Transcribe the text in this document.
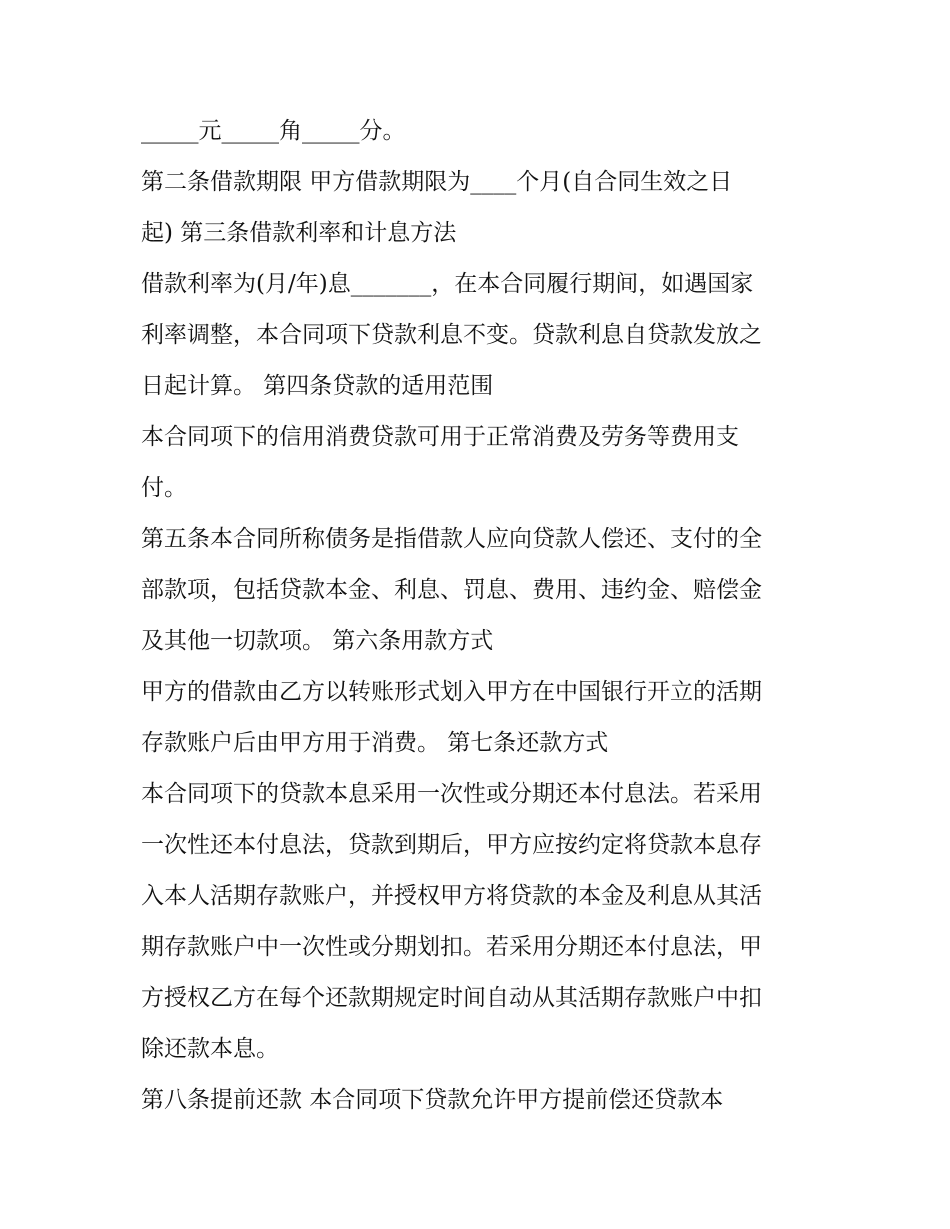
_____元_____角_____分。
第二条借款期限 甲方借款期限为____个月(自合同生效之日
起) 第三条借款利率和计息方法
借款利率为(月/年)息_______，在本合同履行期间，如遇国家
利率调整，本合同项下贷款利息不变。贷款利息自贷款发放之
日起计算。 第四条贷款的适用范围
本合同项下的信用消费贷款可用于正常消费及劳务等费用支
付。
第五条本合同所称债务是指借款人应向贷款人偿还、支付的全
部款项，包括贷款本金、利息、罚息、费用、违约金、赔偿金
及其他一切款项。 第六条用款方式
甲方的借款由乙方以转账形式划入甲方在中国银行开立的活期
存款账户后由甲方用于消费。 第七条还款方式
本合同项下的贷款本息采用一次性或分期还本付息法。若采用
一次性还本付息法，贷款到期后，甲方应按约定将贷款本息存
入本人活期存款账户，并授权甲方将贷款的本金及利息从其活
期存款账户中一次性或分期划扣。若采用分期还本付息法，甲
方授权乙方在每个还款期规定时间自动从其活期存款账户中扣
除还款本息。
第八条提前还款 本合同项下贷款允许甲方提前偿还贷款本
